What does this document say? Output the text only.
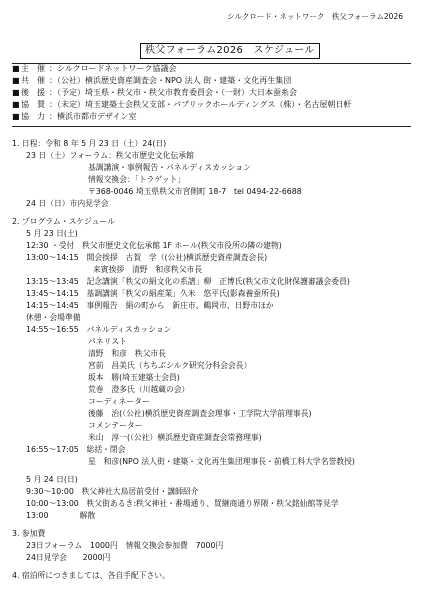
シルクロード・ネットワーク　秩父フォーラム2026
秩父フォーラム2026　スケジュール
■主　催 ：シルクロードネットワーク協議会
■共　催 ：（公社）横浜歴史資産調査会・NPO 法人 街・建築・文化再生集団
■後　援 ：（予定）埼玉県・秩父市・秩父市教育委員会・（一財）大日本蚕糸会
■協　賛 ：（未定）埼玉建築士会秩父支部・パブリックホールディングス（株）・名古屋朝日軒
■協　力 ：横浜市都市デザイン室
1. 日程：令和 8 年 5 月 23 日（土）24(日)
23 日（土）フォーラム：秩父市歴史文化伝承館
基調講演・事例報告・パネルディスカッション
情報交換会：「トラゲット」
〒368-0046 埼玉県秩父市宮側町 18-7　tel 0494-22-6688
24 日（日）市内見学会
2. プログラム・スケジュール
5 月 23 日(土)
12:30 ・受付　秩父市歴史文化伝承館 1F ホール(秩父市役所の隣の建物)
13:00～14:15　開会挨拶　古賀　学（(公社)横浜歴史資産調査会長)
来賓挨拶　清野　和彦秩父市長
13:15～13:45　記念講演「秩父の絹文化の系譜」柳　正博氏(秩父市文化財保護審議会委員)
13:45～14:15　基調講演「秩父の絹産業」久米　悠平氏(影森養蚕所長)
14:15～14:45　事例報告　絹の町から　新庄市、鶴岡市、日野市ほか
休憩・会場準備
14:55～16:55　パネルディスカッション
パネリスト
清野　和彦　秩父市長
宮前　昌美氏（ちちぶシルク研究分科会会長）
坂本　勝(埼玉建築士会員)
荒巻　澄多氏（川越蔵の会）
コーディネーター
後藤　治(（公社)横浜歴史資産調査会理事・工学院大学前理事長)
コメンテーター
米山　淳一(（公社）横浜歴史資産調査会常務理事)
16:55～17:05　総括・閉会
星　和彦(NPO 法人街・建築・文化再生集団理事長・前橋工科大学名誉教授)
5 月 24 日(日)
9:30～10:00　秩父神社大鳥居前受付・講師紹介
10:00～13:00　秩父街あるき:秩父神社・番場通り、買継商通り界隈・秩父銘仙館等見学
13:00　　　　解散
3. 参加費
23日フォーラム　1000円　情報交換会参加費　7000円
24日見学会　　2000円
4. 宿泊所につきましては、各自手配下さい。
